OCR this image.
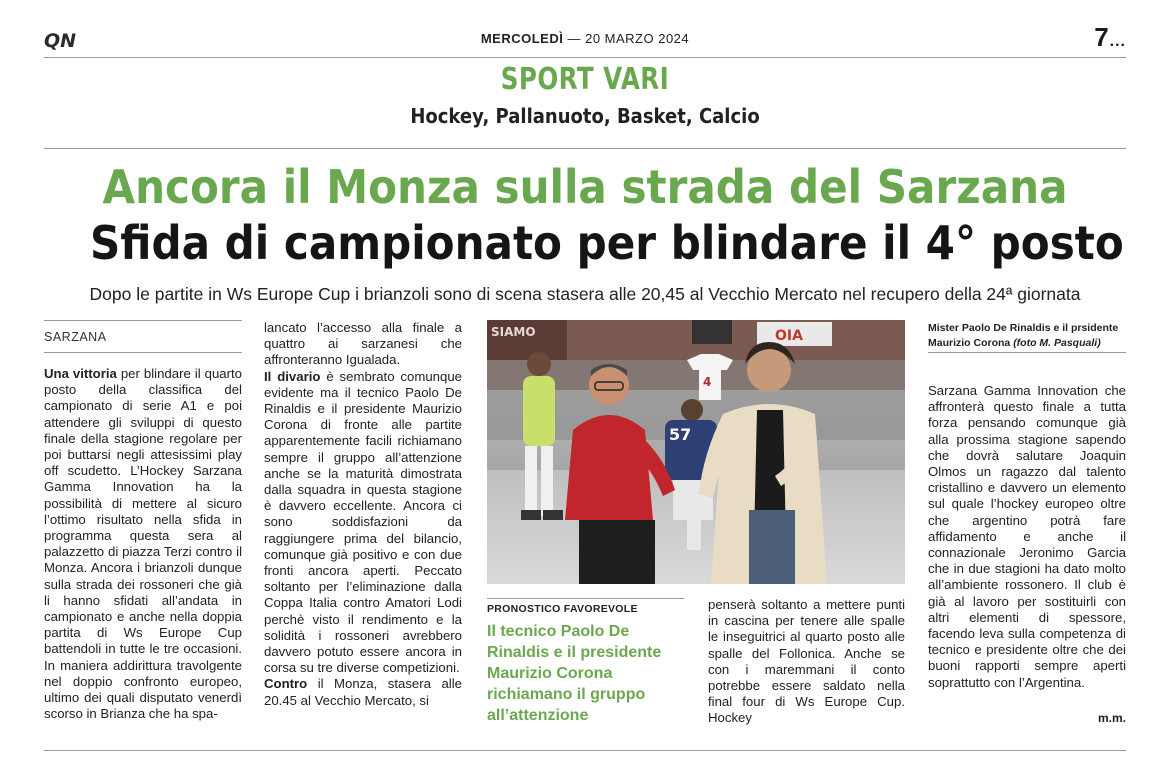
QN	MERCOLEDÌ — 20 MARZO 2024	7...
SPORT VARI
Hockey, Pallanuoto, Basket, Calcio
Ancora il Monza sulla strada del Sarzana
Sfida di campionato per blindare il 4° posto
Dopo le partite in Ws Europe Cup i brianzoli sono di scena stasera alle 20,45 al Vecchio Mercato nel recupero della 24ª giornata
SARZANA

Una vittoria per blindare il quarto posto della classifica del campionato di serie A1 e poi attendere gli sviluppi di questo finale della stagione regolare per poi buttarsi negli attesissimi play off scudetto. L’Hockey Sarzana Gamma Innovation ha la possibilità di mettere al sicuro l’ottimo risultato nella sfida in programma questa sera al palazzetto di piazza Terzi contro il Monza. Ancora i brianzoli dunque sulla strada dei rossoneri che già li hanno sfidati all’andata in campionato e anche nella doppia partita di Ws Europe Cup battendoli in tutte le tre occasioni. In maniera addirittura travolgente nel doppio confronto europeo, ultimo dei quali disputato venerdì scorso in Brianza che ha spa-

lancato l’accesso alla finale a quattro ai sarzanesi che affronteranno Igualada.

Il divario è sembrato comunque evidente ma il tecnico Paolo De Rinaldis e il presidente Maurizio Corona di fronte alle partite apparentemente facili richiamano sempre il gruppo all’attenzione anche se la maturità dimostrata dalla squadra in questa stagione è davvero eccellente. Ancora ci sono soddisfazioni da raggiungere prima del bilancio, comunque già positivo e con due fronti ancora aperti. Peccato soltanto per l’eliminazione dalla Coppa Italia contro Amatori Lodi perchè visto il rendimento e la solidità i rossoneri avrebbero davvero potuto essere ancora in corsa su tre diverse competizioni.

Contro il Monza, stasera alle 20.45 al Vecchio Mercato, si

SIAMO	OIA
4
57
Mister Paolo De Rinaldis e il prsidente Maurizio Corona (foto M. Pasquali)
PRONOSTICO FAVOREVOLE
Il tecnico Paolo De Rinaldis e il presidente Maurizio Corona richiamano il gruppo all’attenzione

penserà soltanto a mettere punti in cascina per tenere alle spalle le inseguitrici al quarto posto alle spalle del Follonica. Anche se con i maremmani il conto potrebbe essere saldato nella final four di Ws Europe Cup. Hockey

Sarzana Gamma Innovation che affronterà questo finale a tutta forza pensando comunque già alla prossima stagione sapendo che dovrà salutare Joaquin Olmos un ragazzo dal talento cristallino e davvero un elemento sul quale l’hockey europeo oltre che argentino potrà fare affidamento e anche il connazionale Jeronimo Garcia che in due stagioni ha dato molto all’ambiente rossonero. Il club è già al lavoro per sostituirli con altri elementi di spessore, facendo leva sulla competenza di tecnico e presidente oltre che dei buoni rapporti sempre aperti soprattutto con l’Argentina.

m.m.
